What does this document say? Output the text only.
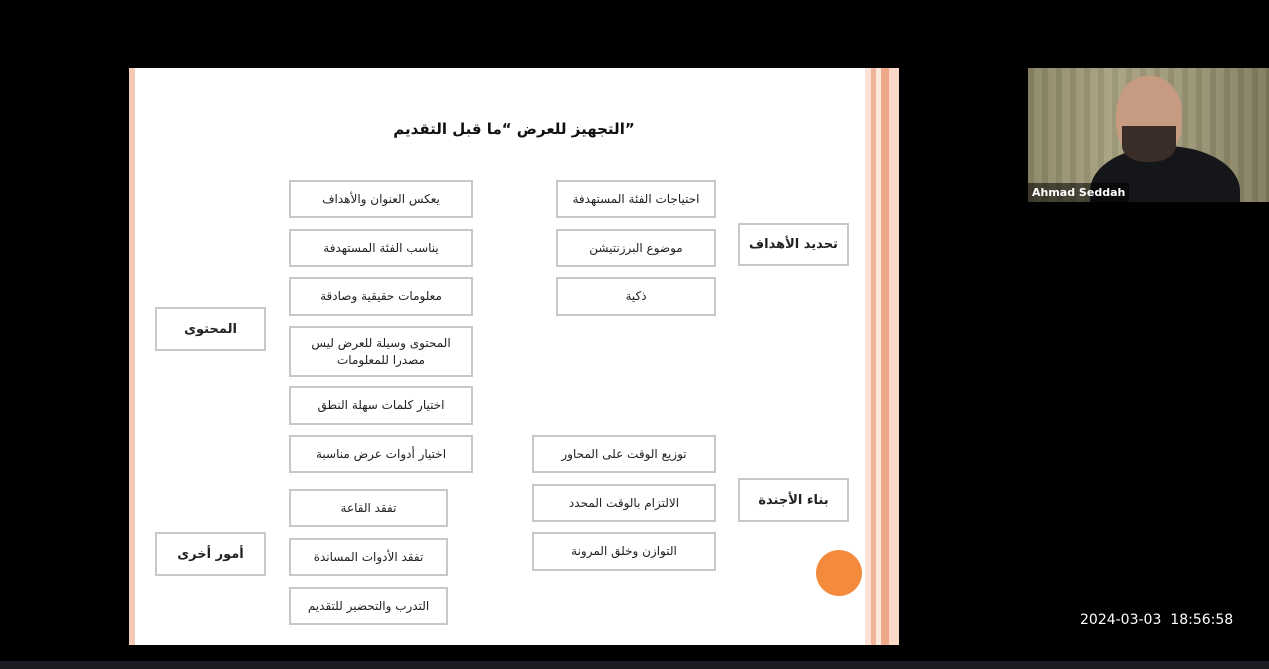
التجهيز للعرض “ما قبل التقديم”
تحديد الأهداف
المحتوى
بناء الأجندة
أمور أخرى
احتياجات الفئة المستهدفة
موضوع البرزنتيشن
ذكية
يعكس العنوان والأهداف
يناسب الفئة المستهدفة
معلومات حقيقية وصادقة
المحتوى وسيلة للعرض ليس مصدرا للمعلومات
اختيار كلمات سهلة النطق
اختيار أدوات عرض مناسبة	توزيع الوقت على المحاور
الالتزام بالوقت المحدد
التوازن وخلق المرونة
تفقد القاعة
تفقد الأدوات المساندة
التدرب والتحضير للتقديم
Ahmad Seddah
2024-03-03 18:56:58
